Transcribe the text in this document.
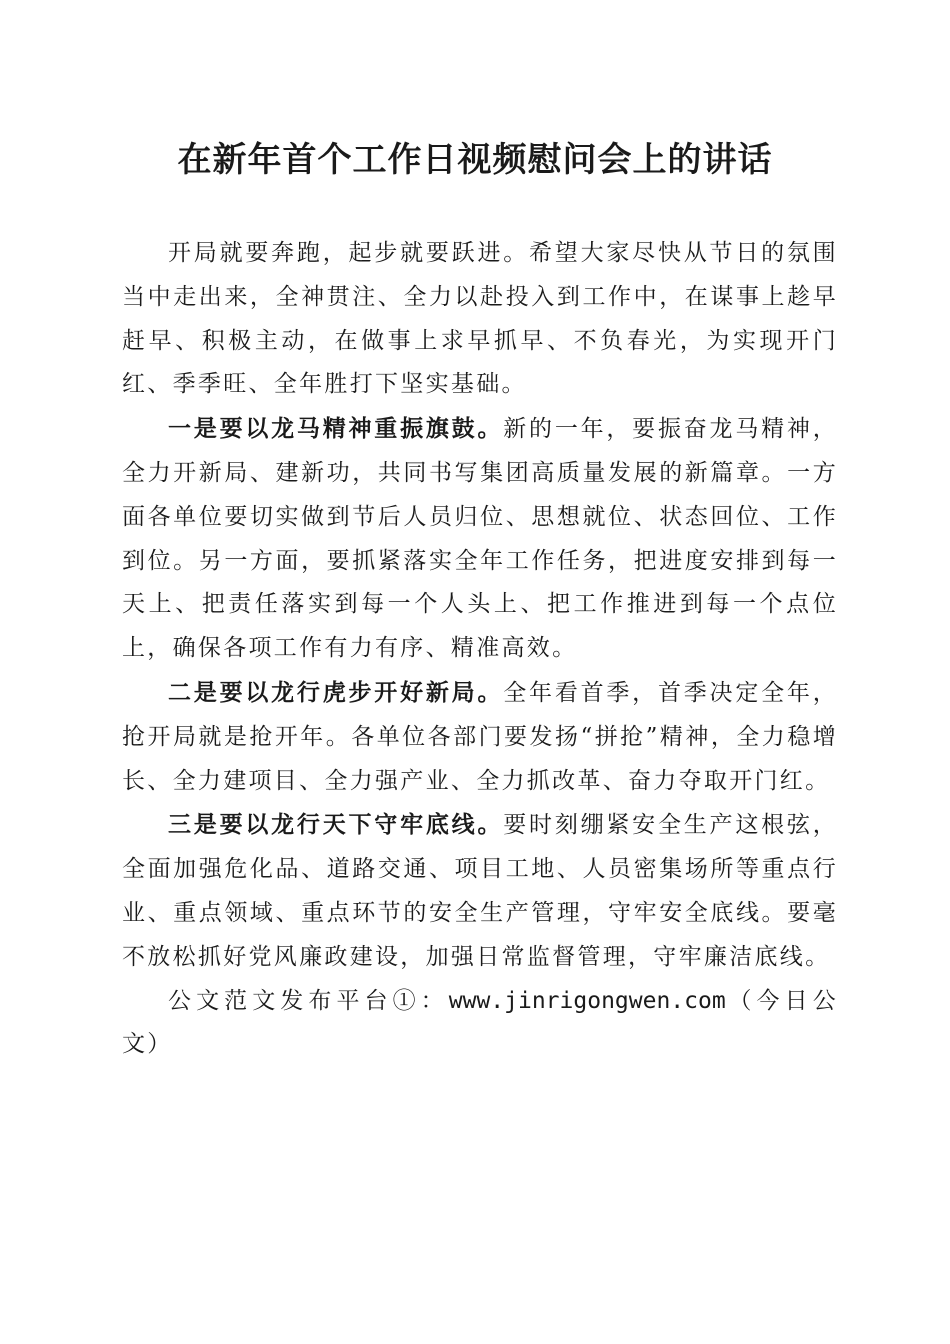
在新年首个工作日视频慰问会上的讲话

开局就要奔跑，起步就要跃进。希望大家尽快从节日的氛围当中走出来，全神贯注、全力以赴投入到工作中，在谋事上趁早赶早、积极主动，在做事上求早抓早、不负春光，为实现开门红、季季旺、全年胜打下坚实基础。

一是要以龙马精神重振旗鼓。新的一年，要振奋龙马精神，全力开新局、建新功，共同书写集团高质量发展的新篇章。一方面各单位要切实做到节后人员归位、思想就位、状态回位、工作到位。另一方面，要抓紧落实全年工作任务，把进度安排到每一天上、把责任落实到每一个人头上、把工作推进到每一个点位上，确保各项工作有力有序、精准高效。

二是要以龙行虎步开好新局。全年看首季，首季决定全年，抢开局就是抢开年。各单位各部门要发扬“拼抢”精神，全力稳增长、全力建项目、全力强产业、全力抓改革、奋力夺取开门红。

三是要以龙行天下守牢底线。要时刻绷紧安全生产这根弦，全面加强危化品、道路交通、项目工地、人员密集场所等重点行业、重点领域、重点环节的安全生产管理，守牢安全底线。要毫不放松抓好党风廉政建设，加强日常监督管理，守牢廉洁底线。

公文范文发布平台①：www.jinrigongwen.com（今日公文）
